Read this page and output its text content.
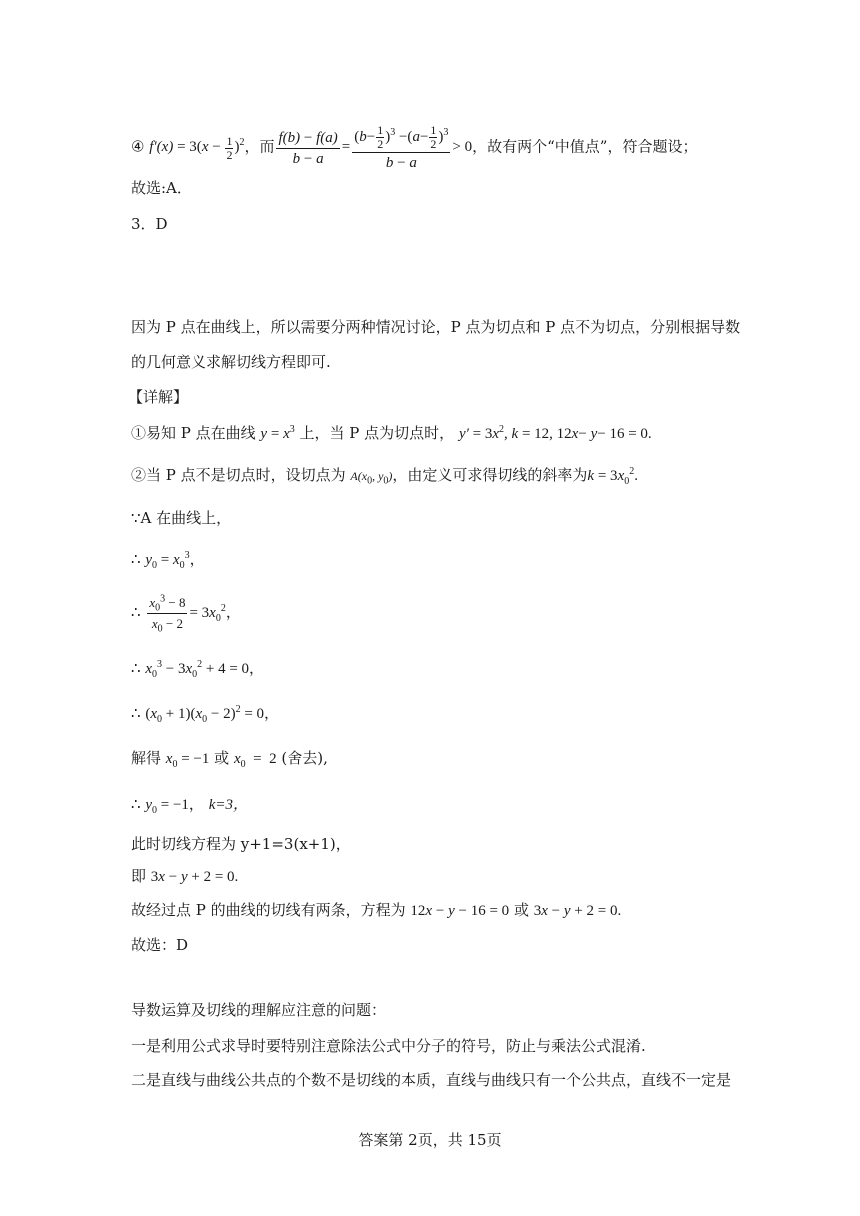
④ $f'(x) = 3(x - \frac{1}{2} )^2$，而 $\frac{f(b) - f(a)}{b - a} = \frac{(b- \frac{1}{2} )^3 -(a- \frac{1}{2} )^3}{b - a} > 0$，故有两个“中值点”，符合题设；
故选:A．
3．D
因为 P 点在曲线上，所以需要分两种情况讨论，P 点为切点和 P 点不为切点，分别根据导数
的几何意义求解切线方程即可.
【详解】
①易知 P 点在曲线 $y = x^3$ 上，当 P 点为切点时， $y' = 3x^2$, k = 12, 12x− y− 16 = 0.
②当 P 点不是切点时，设切点为 $A(x_0$, $y_0$)，由定义可求得切线的斜率为$k = 3x_0^2$.
∵A 在曲线上，
∴ $y_0 = x_0^3$，
∴ $\frac{x_0^3 - 8}{x_0 - 2} = 3x_0^2$，
∴ $x_0^3 - 3x_0^2 + 4 = 0$，
∴ $(x_0 + 1)(x_0 - 2)^2 = 0$，
解得 $x_0 = -1$ 或 $x_0 = 2$ (舍去),
∴ $y_0 = -1$， k=3，
此时切线方程为 y+1=3(x+1)，
即 3x − y + 2 = 0.
故经过点 P 的曲线的切线有两条，方程为 12x − y − 16 = 0 或 3x − y + 2 = 0.
故选：D
导数运算及切线的理解应注意的问题：
一是利用公式求导时要特别注意除法公式中分子的符号，防止与乘法公式混淆.
二是直线与曲线公共点的个数不是切线的本质，直线与曲线只有一个公共点，直线不一定是
答案第 2页，共 15页
